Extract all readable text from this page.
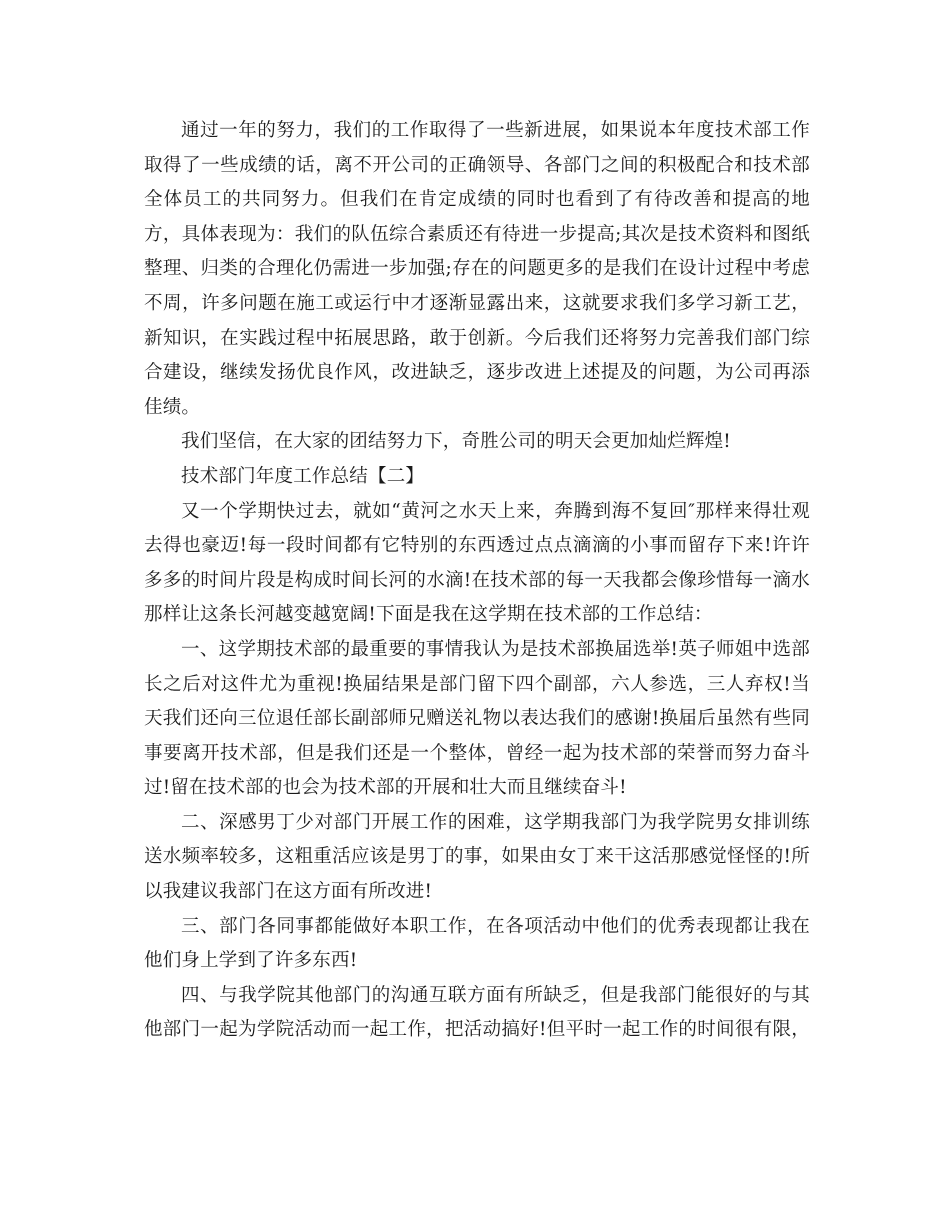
通过一年的努力，我们的工作取得了一些新进展，如果说本年度技术部工作取得了一些成绩的话，离不开公司的正确领导、各部门之间的积极配合和技术部全体员工的共同努力。但我们在肯定成绩的同时也看到了有待改善和提高的地方，具体表现为：我们的队伍综合素质还有待进一步提高;其次是技术资料和图纸整理、归类的合理化仍需进一步加强;存在的问题更多的是我们在设计过程中考虑不周，许多问题在施工或运行中才逐渐显露出来，这就要求我们多学习新工艺，新知识，在实践过程中拓展思路，敢于创新。今后我们还将努力完善我们部门综合建设，继续发扬优良作风，改进缺乏，逐步改进上述提及的问题，为公司再添佳绩。

我们坚信，在大家的团结努力下，奇胜公司的明天会更加灿烂辉煌!

技术部门年度工作总结【二】

又一个学期快过去，就如“黄河之水天上来，奔腾到海不复回″那样来得壮观去得也豪迈!每一段时间都有它特别的东西透过点点滴滴的小事而留存下来!许许多多的时间片段是构成时间长河的水滴!在技术部的每一天我都会像珍惜每一滴水那样让这条长河越变越宽阔!下面是我在这学期在技术部的工作总结：

一、这学期技术部的最重要的事情我认为是技术部换届选举!英子师姐中选部长之后对这件尤为重视!换届结果是部门留下四个副部，六人参选，三人弃权!当天我们还向三位退任部长副部师兄赠送礼物以表达我们的感谢!换届后虽然有些同事要离开技术部，但是我们还是一个整体，曾经一起为技术部的荣誉而努力奋斗过!留在技术部的也会为技术部的开展和壮大而且继续奋斗!

二、深感男丁少对部门开展工作的困难，这学期我部门为我学院男女排训练送水频率较多，这粗重活应该是男丁的事，如果由女丁来干这活那感觉怪怪的!所以我建议我部门在这方面有所改进!

三、部门各同事都能做好本职工作，在各项活动中他们的优秀表现都让我在他们身上学到了许多东西!

四、与我学院其他部门的沟通互联方面有所缺乏，但是我部门能很好的与其他部门一起为学院活动而一起工作，把活动搞好!但平时一起工作的时间很有限，
